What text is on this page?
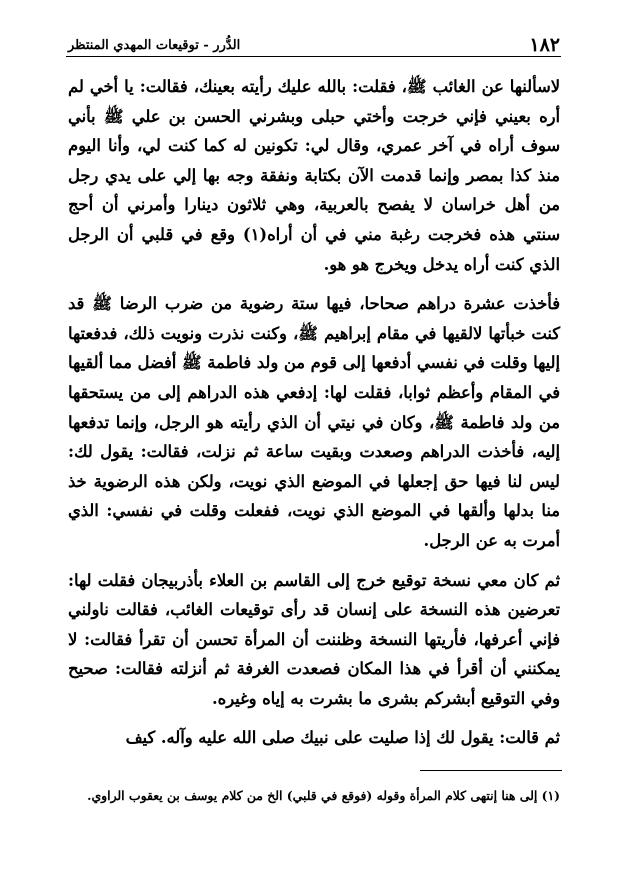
١٨٢
الدُّرر - توقيعات المهدي المنتظر

لاسألنها عن الغائب ﷺ، فقلت: بالله عليك رأيته بعينك، فقالت: يا أخي لم أره بعيني فإني خرجت وأختي حبلى وبشرني الحسن بن علي ﷺ بأني سوف أراه في آخر عمري، وقال لي: تكونين له كما كنت لي، وأنا اليوم منذ كذا بمصر وإنما قدمت الآن بكتابة ونفقة وجه بها إلي على يدي رجل من أهل خراسان لا يفصح بالعربية، وهي ثلاثون دينارا وأمرني أن أحج سنتي هذه فخرجت رغبة مني في أن أراه(١) وقع في قلبي أن الرجل الذي كنت أراه يدخل ويخرج هو هو.

فأخذت عشرة دراهم صحاحا، فيها ستة رضوية من ضرب الرضا ﷺ قد كنت خبأتها لالقيها في مقام إبراهيم ﷺ، وكنت نذرت ونويت ذلك، فدفعتها إليها وقلت في نفسي أدفعها إلى قوم من ولد فاطمة ﷺ أفضل مما ألقيها في المقام وأعظم ثوابا، فقلت لها: إدفعي هذه الدراهم إلى من يستحقها من ولد فاطمة ﷺ، وكان في نيتي أن الذي رأيته هو الرجل، وإنما تدفعها إليه، فأخذت الدراهم وصعدت وبقيت ساعة ثم نزلت، فقالت: يقول لك: ليس لنا فيها حق إجعلها في الموضع الذي نويت، ولكن هذه الرضوية خذ منا بدلها وألقها في الموضع الذي نويت، ففعلت وقلت في نفسي: الذي أمرت به عن الرجل.

ثم كان معي نسخة توقيع خرج إلى القاسم بن العلاء بأذربيجان فقلت لها: تعرضين هذه النسخة على إنسان قد رأى توقيعات الغائب، فقالت ناولني فإني أعرفها، فأريتها النسخة وظننت أن المرأة تحسن أن تقرأ فقالت: لا يمكنني أن أقرأ في هذا المكان فصعدت الغرفة ثم أنزلته فقالت: صحيح وفي التوقيع أبشركم بشرى ما بشرت به إياه وغيره.

ثم قالت: يقول لك إذا صليت على نبيك صلى الله عليه وآله. كيف

(١) إلى هنا إنتهى كلام المرأة وقوله (فوقع في قلبي) الخ من كلام يوسف بن يعقوب الراوي.
